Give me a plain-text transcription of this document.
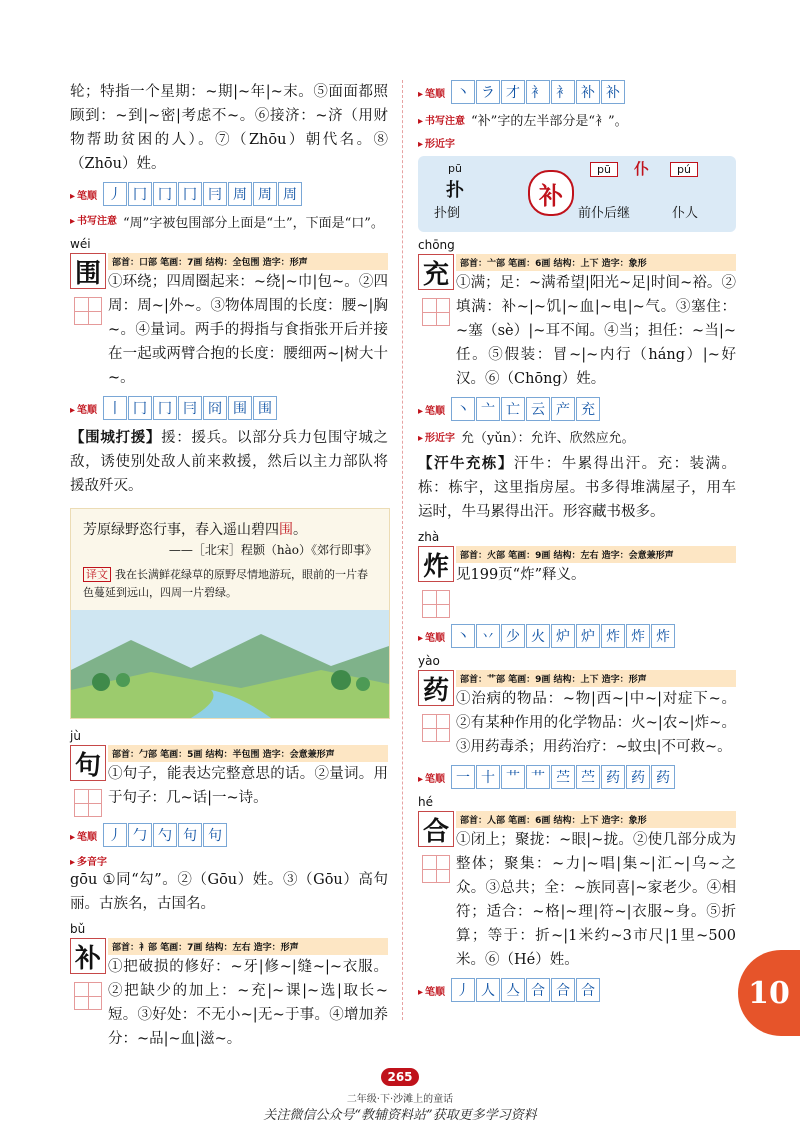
轮；特指一个星期：~期|~年|~末。⑤面面都照顾到：~到|~密|考虑不~。⑥接济：~济（用财物帮助贫困的人）。⑦（Zhōu）朝代名。⑧（Zhōu）姓。

▸ 笔顺 丿 冂 冂 冂 冃 周 周 周
▸ 书写注意 “周”字被包围部分上面是“土”，下面是“口”。
wéi
围	部首：口部 笔画：7画 结构：全包围 造字：形声

①环绕；四周圈起来：~绕|~巾|包~。②四周：周~|外~。③物体周围的长度：腰~|胸~。④量词。两手的拇指与食指张开后并接在一起或两臂合抱的长度：腰细两~|树大十~。

▸ 笔顺 丨 冂 冂 冃 冏 围 围

【围城打援】援：援兵。以部分兵力包围守城之敌，诱使别处敌人前来救援，然后以主力部队将援敌歼灭。

芳原绿野恣行事，春入遥山碧四围。
——［北宋］程颢（hào）《郊行即事》
译文 我在长满鲜花绿草的原野尽情地游玩，眼前的一片春色蔓延到远山，四周一片碧绿。
jù
句	部首：勹部 笔画：5画 结构：半包围 造字：会意兼形声

①句子，能表达完整意思的话。②量词。用于句子：几~话|一~诗。

▸ 笔顺 丿 勹 勺 句 句
▸ 多音字

gōu ①同“勾”。②（Gōu）姓。③（Gōu）高句丽。古族名，古国名。

bǔ
补	部首：衤部 笔画：7画 结构：左右 造字：形声

①把破损的修好：~牙|修~|缝~|~衣服。②把缺少的加上：~充|~课|~选|取长~短。③好处：不无小~|无~于事。④增加养分：~品|~血|滋~。

▸ 笔顺 丶 ラ 才 衤 衤 补 补
▸ 书写注意 “补”字的左半部分是“衤”。
▸ 形近字
pū
扑
扑倒
补
pū	仆	pú
前仆后继	仆人
chōng
充	部首：亠部 笔画：6画 结构：上下 造字：象形

①满；足：~满希望|阳光~足|时间~裕。②填满：补~|~饥|~血|~电|~气。③塞住：~塞（sè）|~耳不闻。④当；担任：~当|~任。⑤假装：冒~|~内行（háng）|~好汉。⑥（Chōng）姓。

▸ 笔顺 丶 亠 亡 云 产 充
▸ 形近字 允（yǔn）：允许、欣然应允。

【汗牛充栋】汗牛：牛累得出汗。充：装满。栋：栋宇，这里指房屋。书多得堆满屋子，用车运时，牛马累得出汗。形容藏书极多。

zhà
炸	部首：火部 笔画：9画 结构：左右 造字：会意兼形声

见199页“炸”释义。

▸ 笔顺 丶 丷 少 火 炉 炉 炸 炸 炸
yào
药	部首：艹部 笔画：9画 结构：上下 造字：形声

①治病的物品：~物|西~|中~|对症下~。②有某种作用的化学物品：火~|农~|炸~。③用药毒杀；用药治疗：~蚊虫|不可救~。

▸ 笔顺 一 十 艹 艹 苎 苎 药 药 药
hé
合	部首：人部 笔画：6画 结构：上下 造字：象形

①闭上；聚拢：~眼|~拢。②使几部分成为整体；聚集：~力|~唱|集~|汇~|乌~之众。③总共；全：~族同喜|~家老少。④相符；适合：~格|~理|符~|衣服~身。⑤折算；等于：折~|1米约~3市尺|1里~500米。⑥（Hé）姓。

▸ 笔顺 丿 人 亼 合 合 合	10
265
二年级·下·沙滩上的童话
关注微信公众号“教辅资料站”获取更多学习资料
